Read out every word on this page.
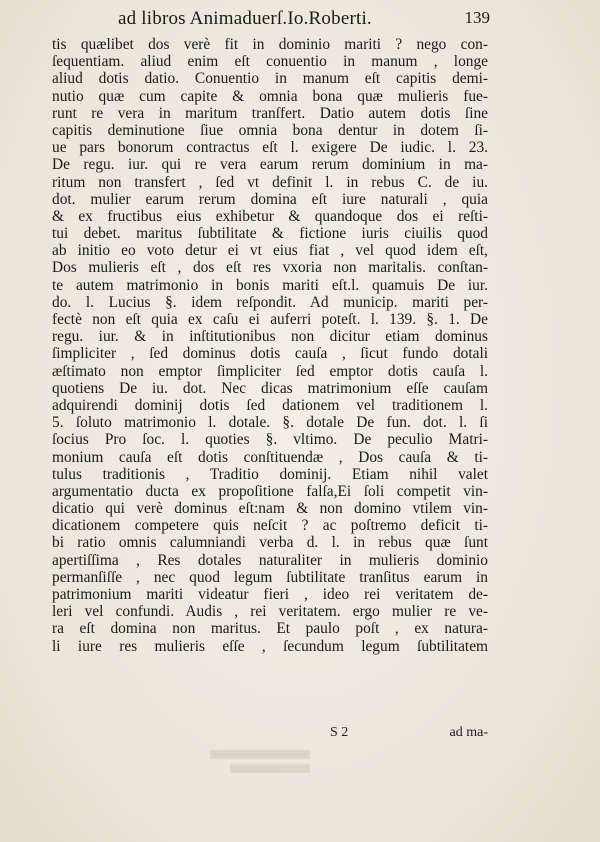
ad libros Animaduerſ.Io.Roberti.	139
tis quælibet dos verè fit in dominio mariti ? nego con-
ſequentiam. aliud enim eſt conuentio in manum , longe
aliud dotis datio. Conuentio in manum eſt capitis demi-
nutio quæ cum capite & omnia bona quæ mulieris fue-
runt re vera in maritum tranſfert. Datio autem dotis ſine
capitis deminutione ſiue omnia bona dentur in dotem ſi-
ue pars bonorum contractus eſt l. exigere De iudic. l. 23.
De regu. iur. qui re vera earum rerum dominium in ma-
ritum non transfert , ſed vt definit l. in rebus C. de iu.
dot. mulier earum rerum domina eſt iure naturali , quia
& ex fructibus eius exhibetur & quandoque dos ei reſti-
tui debet. maritus ſubtilitate & fictione iuris ciuilis quod
ab initio eo voto detur ei vt eius fiat , vel quod idem eſt,
Dos mulieris eſt , dos eſt res vxoria non maritalis. conſtan-
te autem matrimonio in bonis mariti eſt.l. quamuis De iur.
do. l. Lucius §. idem reſpondit. Ad municip. mariti per-
fectè non eſt quia ex caſu ei auferri poteſt. l. 139. §. 1. De
regu. iur. & in inſtitutionibus non dicitur etiam dominus
ſimpliciter , ſed dominus dotis cauſa , ſicut fundo dotali
æſtimato non emptor ſimpliciter ſed emptor dotis cauſa l.
quotiens De iu. dot. Nec dicas matrimonium eſſe cauſam
adquirendi dominij dotis ſed dationem vel traditionem l.
5. ſoluto matrimonio l. dotale. §. dotale De fun. dot. l. ſi
ſocius Pro ſoc. l. quoties §. vltimo. De peculio Matri-
monium cauſa eſt dotis conſtituendæ , Dos cauſa & ti-
tulus traditionis , Traditio dominij. Etiam nihil valet
argumentatio ducta ex propoſitione falſa,Ei ſoli competit vin-
dicatio qui verè dominus eſt:nam & non domino vtilem vin-
dicationem competere quis neſcit ? ac poſtremo deficit ti-
bi ratio omnis calumniandi verba d. l. in rebus quæ ſunt
apertiſſima , Res dotales naturaliter in mulieris dominio
permanſiſſe , nec quod legum ſubtilitate tranſitus earum in
patrimonium mariti videatur fieri , ideo rei veritatem de-
leri vel confundi. Audis , rei veritatem. ergo mulier re ve-
ra eſt domina non maritus. Et paulo poſt , ex natura-
li iure res mulieris eſſe , ſecundum legum ſubtilitatem
S 2	ad ma-
